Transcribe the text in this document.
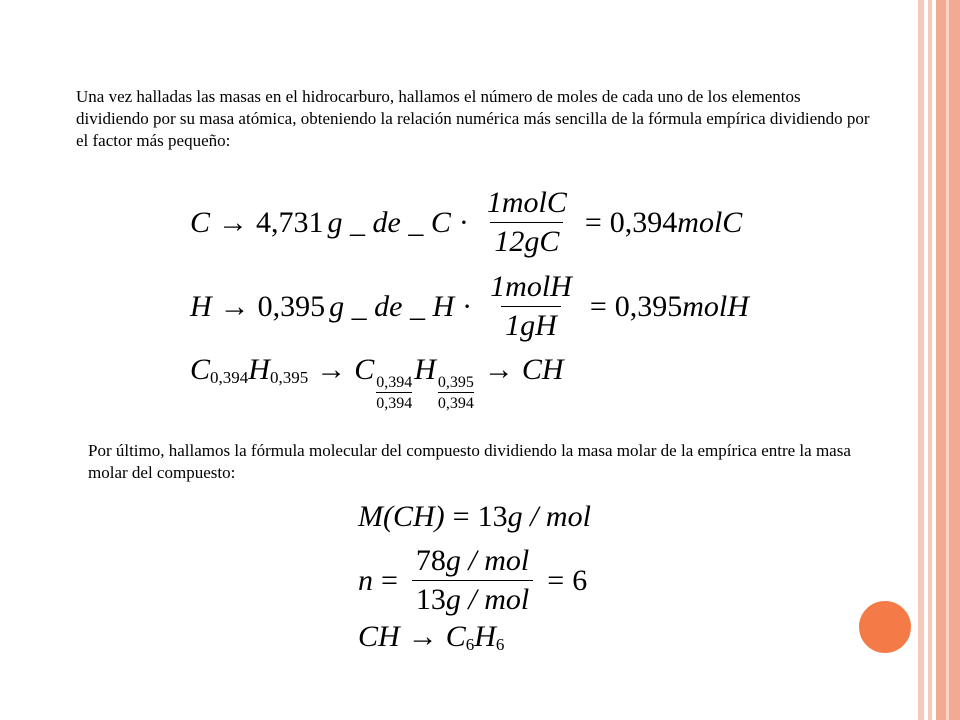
Una vez halladas las masas en el hidrocarburo, hallamos el número de moles de cada uno de los elementos dividiendo por su masa atómica, obteniendo la relación numérica más sencilla de la fórmula empírica dividiendo por el factor más pequeño:

C → 4,731 g _ de _ $C \cdot \frac{\text{1molC}}{12gC} = 0,394$ molC
H → 0,395 g _ de _ $H \cdot \frac{\text{1molH}}{1gH} = 0,395$ molH
$C_{0,394}$ $H_{0,395} \to C$
$\frac{0,394}{0,394}$
H
$\frac{0,395}{0,394}$
→ CH

Por último, hallamos la fórmula molecular del compuesto dividiendo la masa molar de la empírica entre la masa molar del compuesto:

M(CH) = 13 g / mol
$n = \frac{\text{78g / mol}}{\text{13g / mol}} = 6$
CH → $C_6$ $H_6$
